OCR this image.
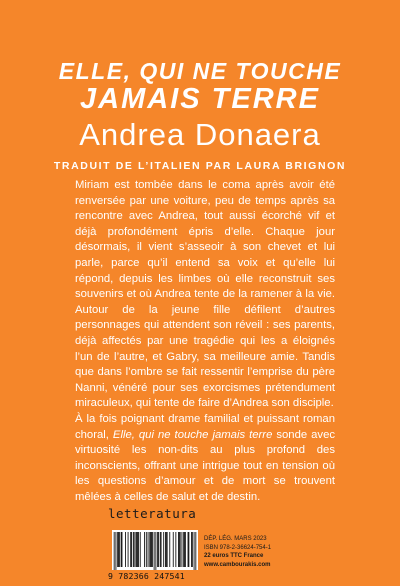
ELLE, QUI NE TOUCHE
JAMAIS TERRE
Andrea Donaera
TRADUIT DE L’ITALIEN PAR LAURA BRIGNON

Miriam est tombée dans le coma après avoir été renversée par une voiture, peu de temps après sa rencontre avec Andrea, tout aussi écorché vif et déjà profondément épris d’elle. Chaque jour désormais, il vient s’asseoir à son chevet et lui parle, parce qu’il entend sa voix et qu’elle lui répond, depuis les limbes où elle reconstruit ses souvenirs et où Andrea tente de la ramener à la vie. Autour de la jeune fille défilent d’autres personnages qui attendent son réveil : ses parents, déjà affectés par une tragédie qui les a éloignés l’un de l’autre, et Gabry, sa meilleure amie. Tandis que dans l’ombre se fait ressentir l’emprise du père Nanni, vénéré pour ses exorcismes prétendument miraculeux, qui tente de faire d’Andrea son disciple.

À la fois poignant drame familial et puissant roman choral, Elle, qui ne touche jamais terre sonde avec virtuosité les non-dits au plus profond des inconscients, offrant une intrigue tout en tension où les questions d’amour et de mort se trouvent mêlées à celles de salut et de destin.

letteratura
9 782366 247541
DÉP. LÉG. MARS 2023
ISBN 978-2-36624-754-1
22 euros TTC France
www.cambourakis.com
